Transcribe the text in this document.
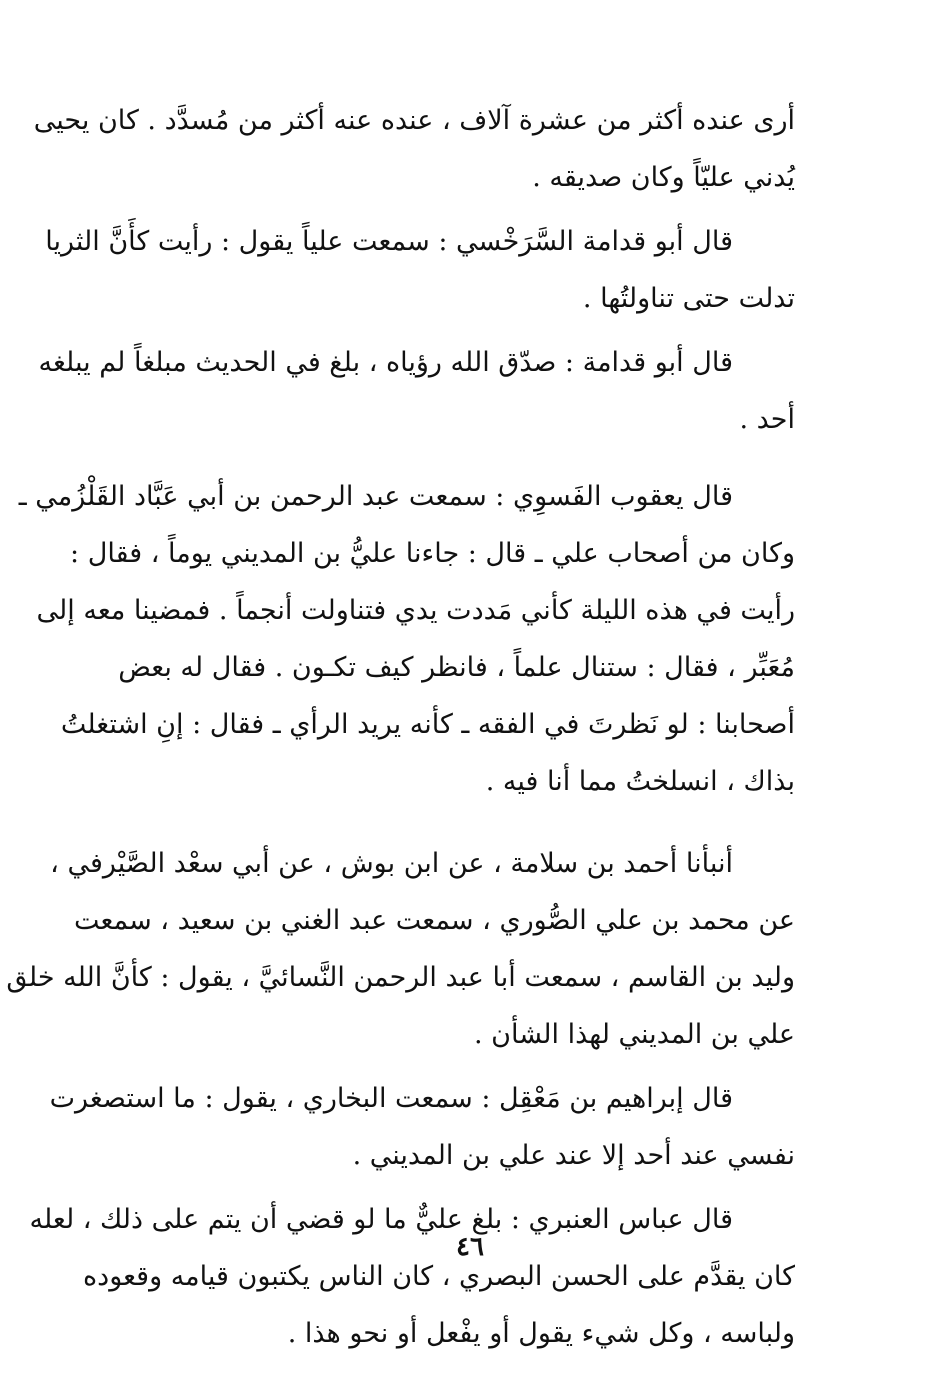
أرى عنده أكثر من عشرة آلاف ، عنده عنه أكثر من مُسدَّد . كان يحيى
يُدني عليّاً وكان صديقه .
قال أبو قدامة السَّرَخْسي : سمعت علياً يقول : رأيت كأَنَّ الثريا
تدلت حتى تناولتُها .
قال أبو قدامة : صدّق الله رؤياه ، بلغ في الحديث مبلغاً لم يبلغه
أحد .
قال يعقوب الفَسوِي : سمعت عبد الرحمن بن أبي عَبَّاد القَلْزُمي ـ
وكان من أصحاب علي ـ قال : جاءنا عليُّ بن المديني يوماً ، فقال :
رأيت في هذه الليلة كأني مَددت يدي فتناولت أنجماً . فمضينا معه إلى
مُعَبِّر ، فقال : ستنال علماً ، فانظر كيف تكـون . فقال له بعض
أصحابنا : لو نَظرتَ في الفقه ـ كأنه يريد الرأي ـ فقال : إنِ اشتغلتُ
بذاك ، انسلختُ مما أنا فيه .
أنبأنا أحمد بن سلامة ، عن ابن بوش ، عن أبي سعْد الصَّيْرفي ،
عن محمد بن علي الصُّوري ، سمعت عبد الغني بن سعيد ، سمعت
وليد بن القاسم ، سمعت أبا عبد الرحمن النَّسائيَّ ، يقول : كأنَّ الله خلق
علي بن المديني لهذا الشأن .
قال إبراهيم بن مَعْقِل : سمعت البخاري ، يقول : ما استصغرت
نفسي عند أحد إلا عند علي بن المديني .
قال عباس العنبري : بلغ عليٌّ ما لو قضي أن يتم على ذلك ، لعله
كان يقدَّم على الحسن البصري ، كان الناس يكتبون قيامه وقعوده
ولباسه ، وكل شيء يقول أو يفْعل أو نحو هذا .
٤٦
